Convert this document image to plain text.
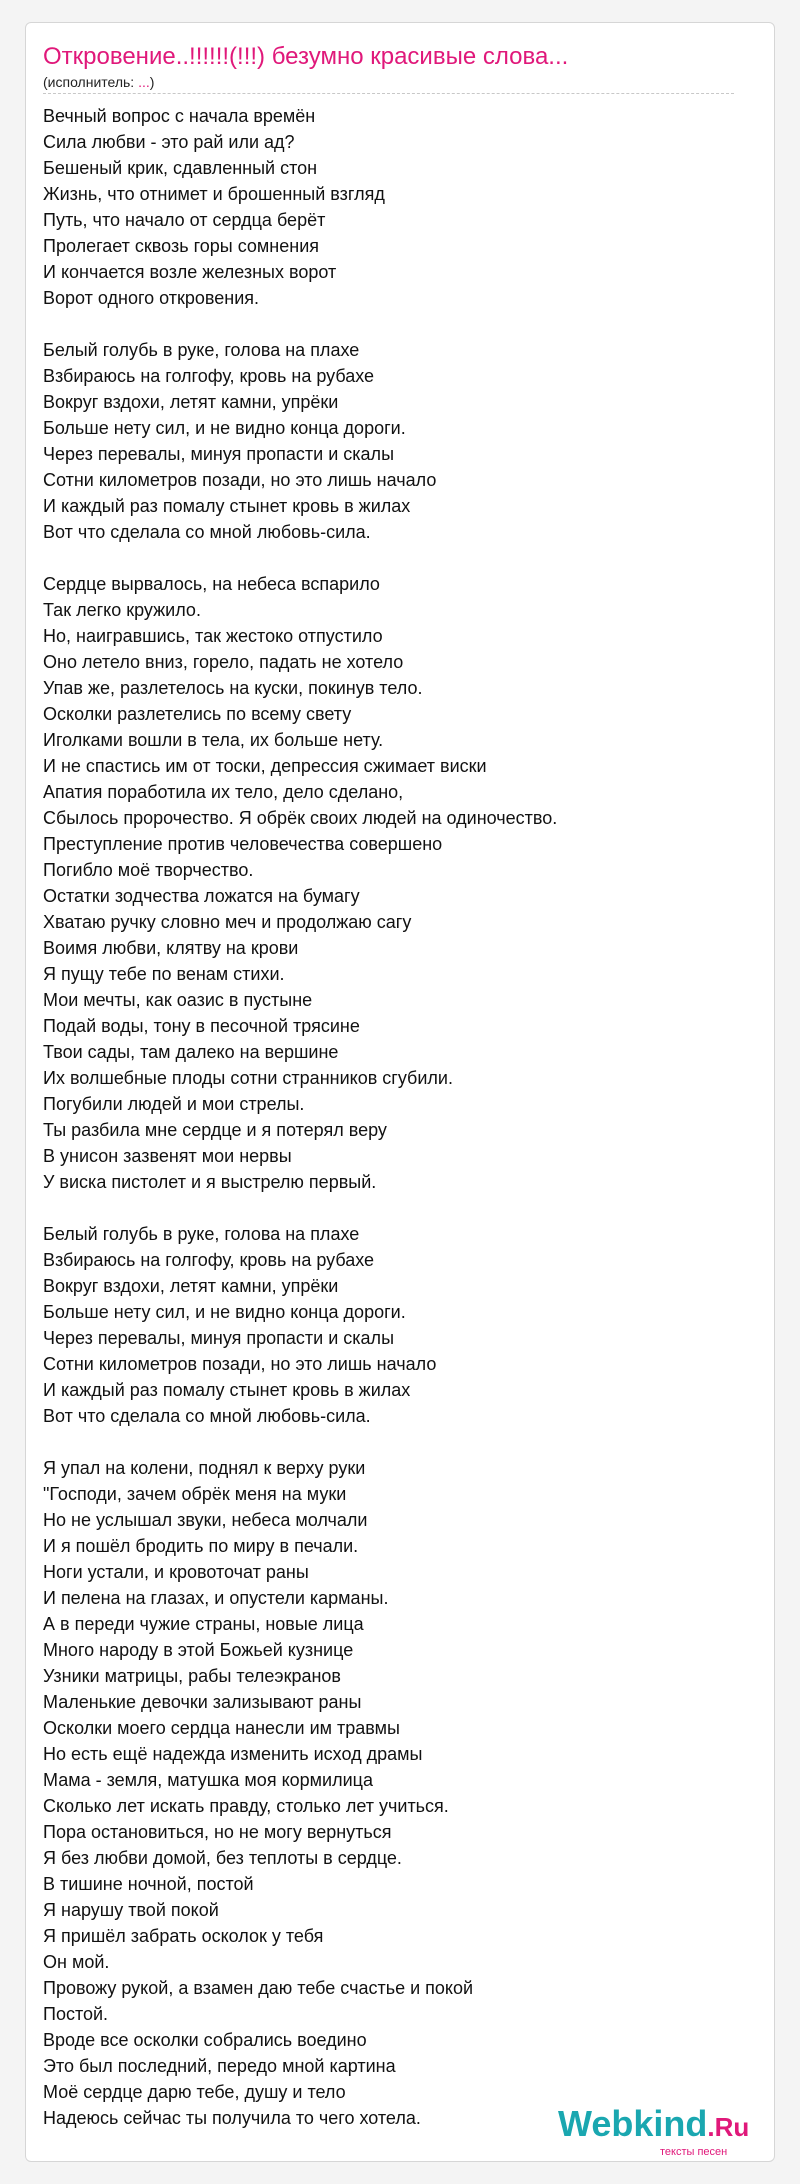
Откровение..!!!!!!(!!!) безумно красивые слова...
(исполнитель: ...)
Вечный вопрос с начала времён
Сила любви - это рай или ад?
Бешеный крик, сдавленный стон
Жизнь, что отнимет и брошенный взгляд
Путь, что начало от сердца берёт
Пролегает сквозь горы сомнения
И кончается возле железных ворот
Ворот одного откровения.
Белый голубь в руке, голова на плахе
Взбираюсь на голгофу, кровь на рубахе
Вокруг вздохи, летят камни, упрёки
Больше нету сил, и не видно конца дороги.
Через перевалы, минуя пропасти и скалы
Сотни километров позади, но это лишь начало
И каждый раз помалу стынет кровь в жилах
Вот что сделала со мной любовь-сила.
Сердце вырвалось, на небеса вспарило
Так легко кружило.
Но, наигравшись, так жестоко отпустило
Оно летело вниз, горело, падать не хотело
Упав же, разлетелось на куски, покинув тело.
Осколки разлетелись по всему свету
Иголками вошли в тела, их больше нету.
И не спастись им от тоски, депрессия сжимает виски
Апатия поработила их тело, дело сделано,
Сбылось пророчество. Я обрёк своих людей на одиночество.
Преступление против человечества совершено
Погибло моё творчество.
Остатки зодчества ложатся на бумагу
Хватаю ручку словно меч и продолжаю сагу
Воимя любви, клятву на крови
Я пущу тебе по венам стихи.
Мои мечты, как оазис в пустыне
Подай воды, тону в песочной трясине
Твои сады, там далеко на вершине
Их волшебные плоды сотни странников сгубили.
Погубили людей и мои стрелы.
Ты разбила мне сердце и я потерял веру
В унисон зазвенят мои нервы
У виска пистолет и я выстрелю первый.
Белый голубь в руке, голова на плахе
Взбираюсь на голгофу, кровь на рубахе
Вокруг вздохи, летят камни, упрёки
Больше нету сил, и не видно конца дороги.
Через перевалы, минуя пропасти и скалы
Сотни километров позади, но это лишь начало
И каждый раз помалу стынет кровь в жилах
Вот что сделала со мной любовь-сила.
Я упал на колени, поднял к верху руки
"Господи, зачем обрёк меня на муки
Но не услышал звуки, небеса молчали
И я пошёл бродить по миру в печали.
Ноги устали, и кровоточат раны
И пелена на глазах, и опустели карманы.
А в переди чужие страны, новые лица
Много народу в этой Божьей кузнице
Узники матрицы, рабы телеэкранов
Маленькие девочки зализывают раны
Осколки моего сердца нанесли им травмы
Но есть ещё надежда изменить исход драмы
Мама - земля, матушка моя кормилица
Сколько лет искать правду, столько лет учиться.
Пора остановиться, но не могу вернуться
Я без любви домой, без теплоты в сердце.
В тишине ночной, постой
Я нарушу твой покой
Я пришёл забрать осколок у тебя
Он мой.
Провожу рукой, а взамен даю тебе счастье и покой
Постой.
Вроде все осколки собрались воедино
Это был последний, передо мной картина
Моё сердце дарю тебе, душу и тело
Надеюсь сейчас ты получила то чего хотела.	Webkind.Ru
тексты песен
